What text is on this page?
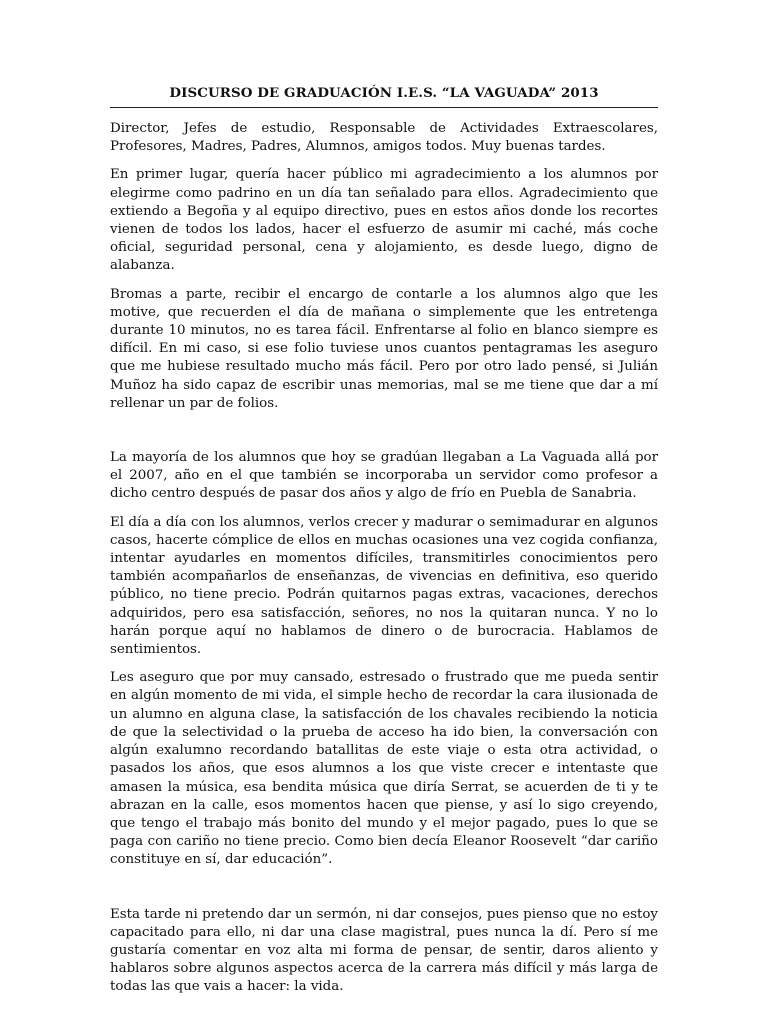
DISCURSO DE GRADUACIÓN I.E.S. “LA VAGUADA” 2013

Director, Jefes de estudio, Responsable de Actividades Extraescolares, Profesores, Madres, Padres, Alumnos, amigos todos. Muy buenas tardes.

En primer lugar, quería hacer público mi agradecimiento a los alumnos por elegirme como padrino en un día tan señalado para ellos. Agradecimiento que extiendo a Begoña y al equipo directivo, pues en estos años donde los recortes vienen de todos los lados, hacer el esfuerzo de asumir mi caché, más coche oficial, seguridad personal, cena y alojamiento, es desde luego, digno de alabanza.

Bromas a parte, recibir el encargo de contarle a los alumnos algo que les motive, que recuerden el día de mañana o simplemente que les entretenga durante 10 minutos, no es tarea fácil. Enfrentarse al folio en blanco siempre es difícil. En mi caso, si ese folio tuviese unos cuantos pentagramas les aseguro que me hubiese resultado mucho más fácil. Pero por otro lado pensé, si Julián Muñoz ha sido capaz de escribir unas memorias, mal se me tiene que dar a mí rellenar un par de folios.

La mayoría de los alumnos que hoy se gradúan llegaban a La Vaguada allá por el 2007, año en el que también se incorporaba un servidor como profesor a dicho centro después de pasar dos años y algo de frío en Puebla de Sanabria.

El día a día con los alumnos, verlos crecer y madurar o semimadurar en algunos casos, hacerte cómplice de ellos en muchas ocasiones una vez cogida confianza, intentar ayudarles en momentos difíciles, transmitirles conocimientos pero también acompañarlos de enseñanzas, de vivencias en definitiva, eso querido público, no tiene precio. Podrán quitarnos pagas extras, vacaciones, derechos adquiridos, pero esa satisfacción, señores, no nos la quitaran nunca. Y no lo harán porque aquí no hablamos de dinero o de burocracia. Hablamos de sentimientos.

Les aseguro que por muy cansado, estresado o frustrado que me pueda sentir en algún momento de mi vida, el simple hecho de recordar la cara ilusionada de un alumno en alguna clase, la satisfacción de los chavales recibiendo la noticia de que la selectividad o la prueba de acceso ha ido bien, la conversación con algún exalumno recordando batallitas de este viaje o esta otra actividad, o pasados los años, que esos alumnos a los que viste crecer e intentaste que amasen la música, esa bendita música que diría Serrat, se acuerden de ti y te abrazan en la calle, esos momentos hacen que piense, y así lo sigo creyendo, que tengo el trabajo más bonito del mundo y el mejor pagado, pues lo que se paga con cariño no tiene precio. Como bien decía Eleanor Roosevelt “dar cariño constituye en sí, dar educación”.

Esta tarde ni pretendo dar un sermón, ni dar consejos, pues pienso que no estoy capacitado para ello, ni dar una clase magistral, pues nunca la dí. Pero sí me gustaría comentar en voz alta mi forma de pensar, de sentir, daros aliento y hablaros sobre algunos aspectos acerca de la carrera más difícil y más larga de todas las que vais a hacer: la vida.
